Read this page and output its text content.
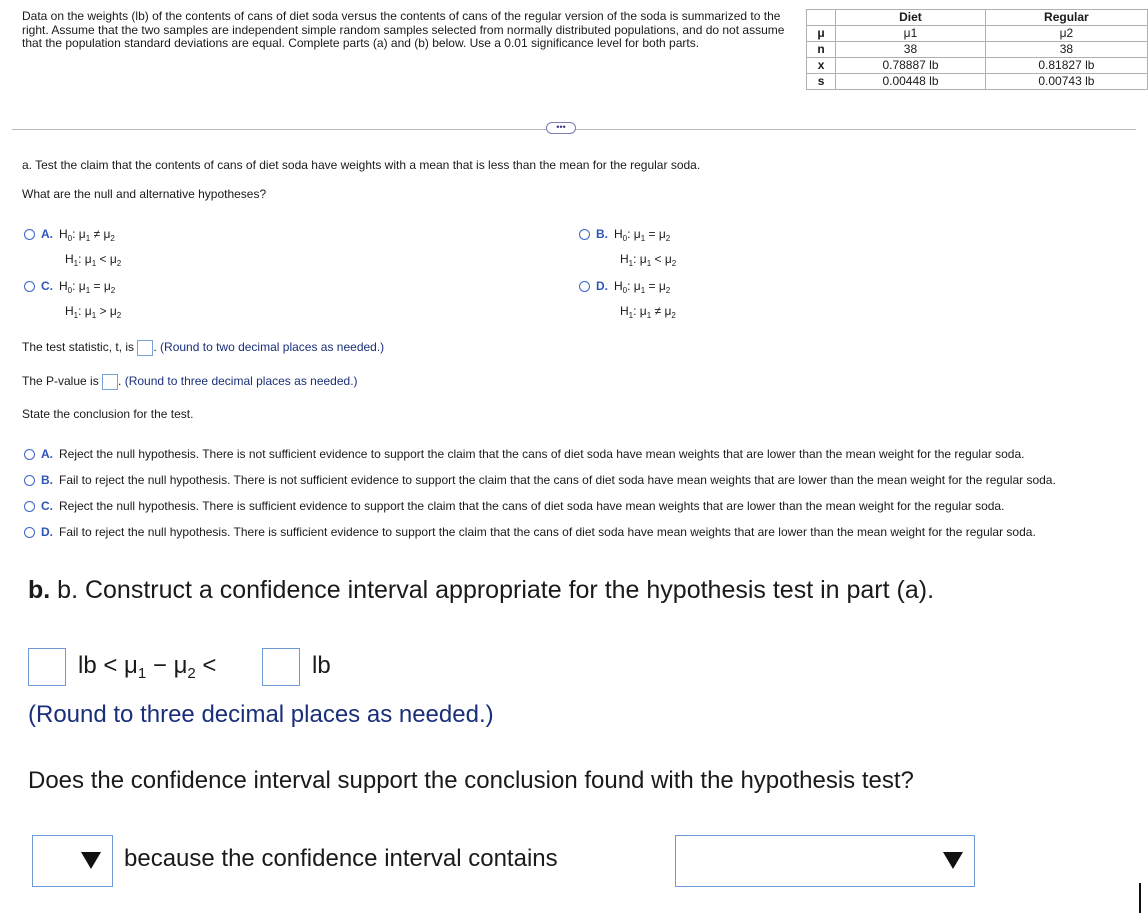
Data on the weights (lb) of the contents of cans of diet soda versus the contents of cans of the regular version of the soda is summarized to the right. Assume that the two samples are independent simple random samples selected from normally distributed populations, and do not assume that the population standard deviations are equal. Complete parts (a) and (b) below. Use a 0.01 significance level for both parts.
	Diet	Regular
μ	μ1	μ2
n	38	38
x	0.78887 lb	0.81827 lb
s	0.00448 lb	0.00743 lb
•••
a. Test the claim that the contents of cans of diet soda have weights with a mean that is less than the mean for the regular soda.
What are the null and alternative hypotheses?
A. $H_0$: $\mu_1 \ne \mu_2$
$H_1$: $\mu_1 < \mu_2$
B. $H_0$: $\mu_1 = \mu_2$
$H_1$: $\mu_1 < \mu_2$
C. $H_0$: $\mu_1 = \mu_2$
$H_1$: $\mu_1 > \mu_2$
D. $H_0$: $\mu_1 = \mu_2$
$H_1$: $\mu_1 \ne \mu_2$
The test statistic, t, is . (Round to two decimal places as needed.)
The P-value is . (Round to three decimal places as needed.)
State the conclusion for the test.
A. Reject the null hypothesis. There is not sufficient evidence to support the claim that the cans of diet soda have mean weights that are lower than the mean weight for the regular soda.
B. Fail to reject the null hypothesis. There is not sufficient evidence to support the claim that the cans of diet soda have mean weights that are lower than the mean weight for the regular soda.
C. Reject the null hypothesis. There is sufficient evidence to support the claim that the cans of diet soda have mean weights that are lower than the mean weight for the regular soda.
D. Fail to reject the null hypothesis. There is sufficient evidence to support the claim that the cans of diet soda have mean weights that are lower than the mean weight for the regular soda.
b. b. Construct a confidence interval appropriate for the hypothesis test in part (a).
lb < $\mu_1 - \mu_2$ <	lb
(Round to three decimal places as needed.)
Does the confidence interval support the conclusion found with the hypothesis test?
because the confidence interval contains
